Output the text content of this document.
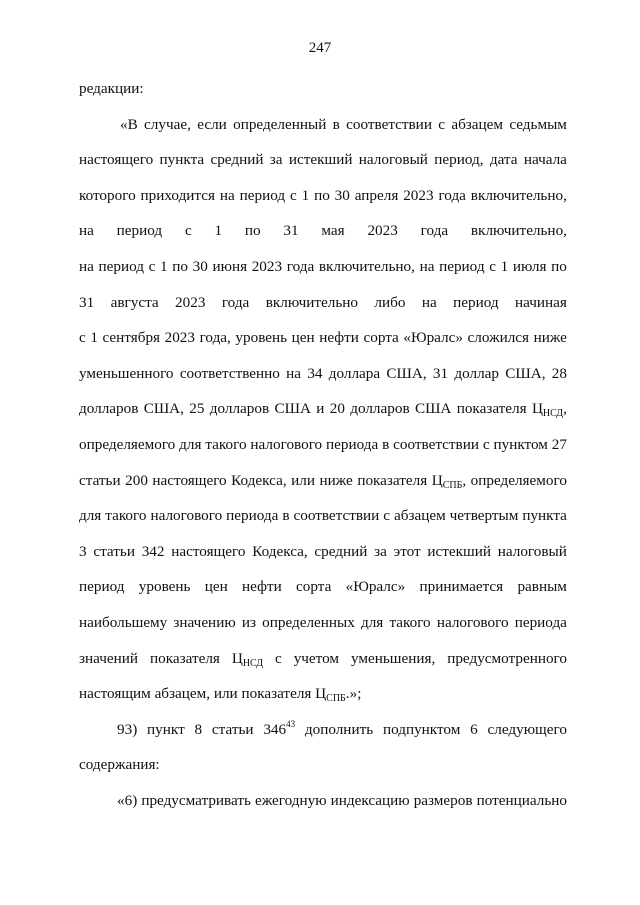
247
редакции:
«В случае, если определенный в соответствии с абзацем седьмым
настоящего пункта средний за истекший налоговый период, дата начала
которого приходится на период с 1 по 30 апреля 2023 года включительно,
на период с 1 по 31 мая 2023 года включительно,
на период с 1 по 30 июня 2023 года включительно, на период с 1 июля по
31 августа 2023 года включительно либо на период начиная
с 1 сентября 2023 года, уровень цен нефти сорта «Юралс» сложился ниже
уменьшенного соответственно на 34 доллара США, 31 доллар США, 28
долларов США, 25 долларов США и 20 долларов США показателя $Ц_{НСД}$,
определяемого для такого налогового периода в соответствии с пунктом 27
статьи 200 настоящего Кодекса, или ниже показателя $Ц_{СПБ}$, определяемого
для такого налогового периода в соответствии с абзацем четвертым пункта
3 статьи 342 настоящего Кодекса, средний за этот истекший налоговый
период уровень цен нефти сорта «Юралс» принимается равным
наибольшему значению из определенных для такого налогового периода
значений показателя $Ц_{НСД}$ с учетом уменьшения, предусмотренного
настоящим абзацем, или показателя $Ц_{СПБ}$.»;
93) пункт 8 статьи $346^{43}$ дополнить подпунктом 6 следующего
содержания:
«6) предусматривать ежегодную индексацию размеров потенциально
